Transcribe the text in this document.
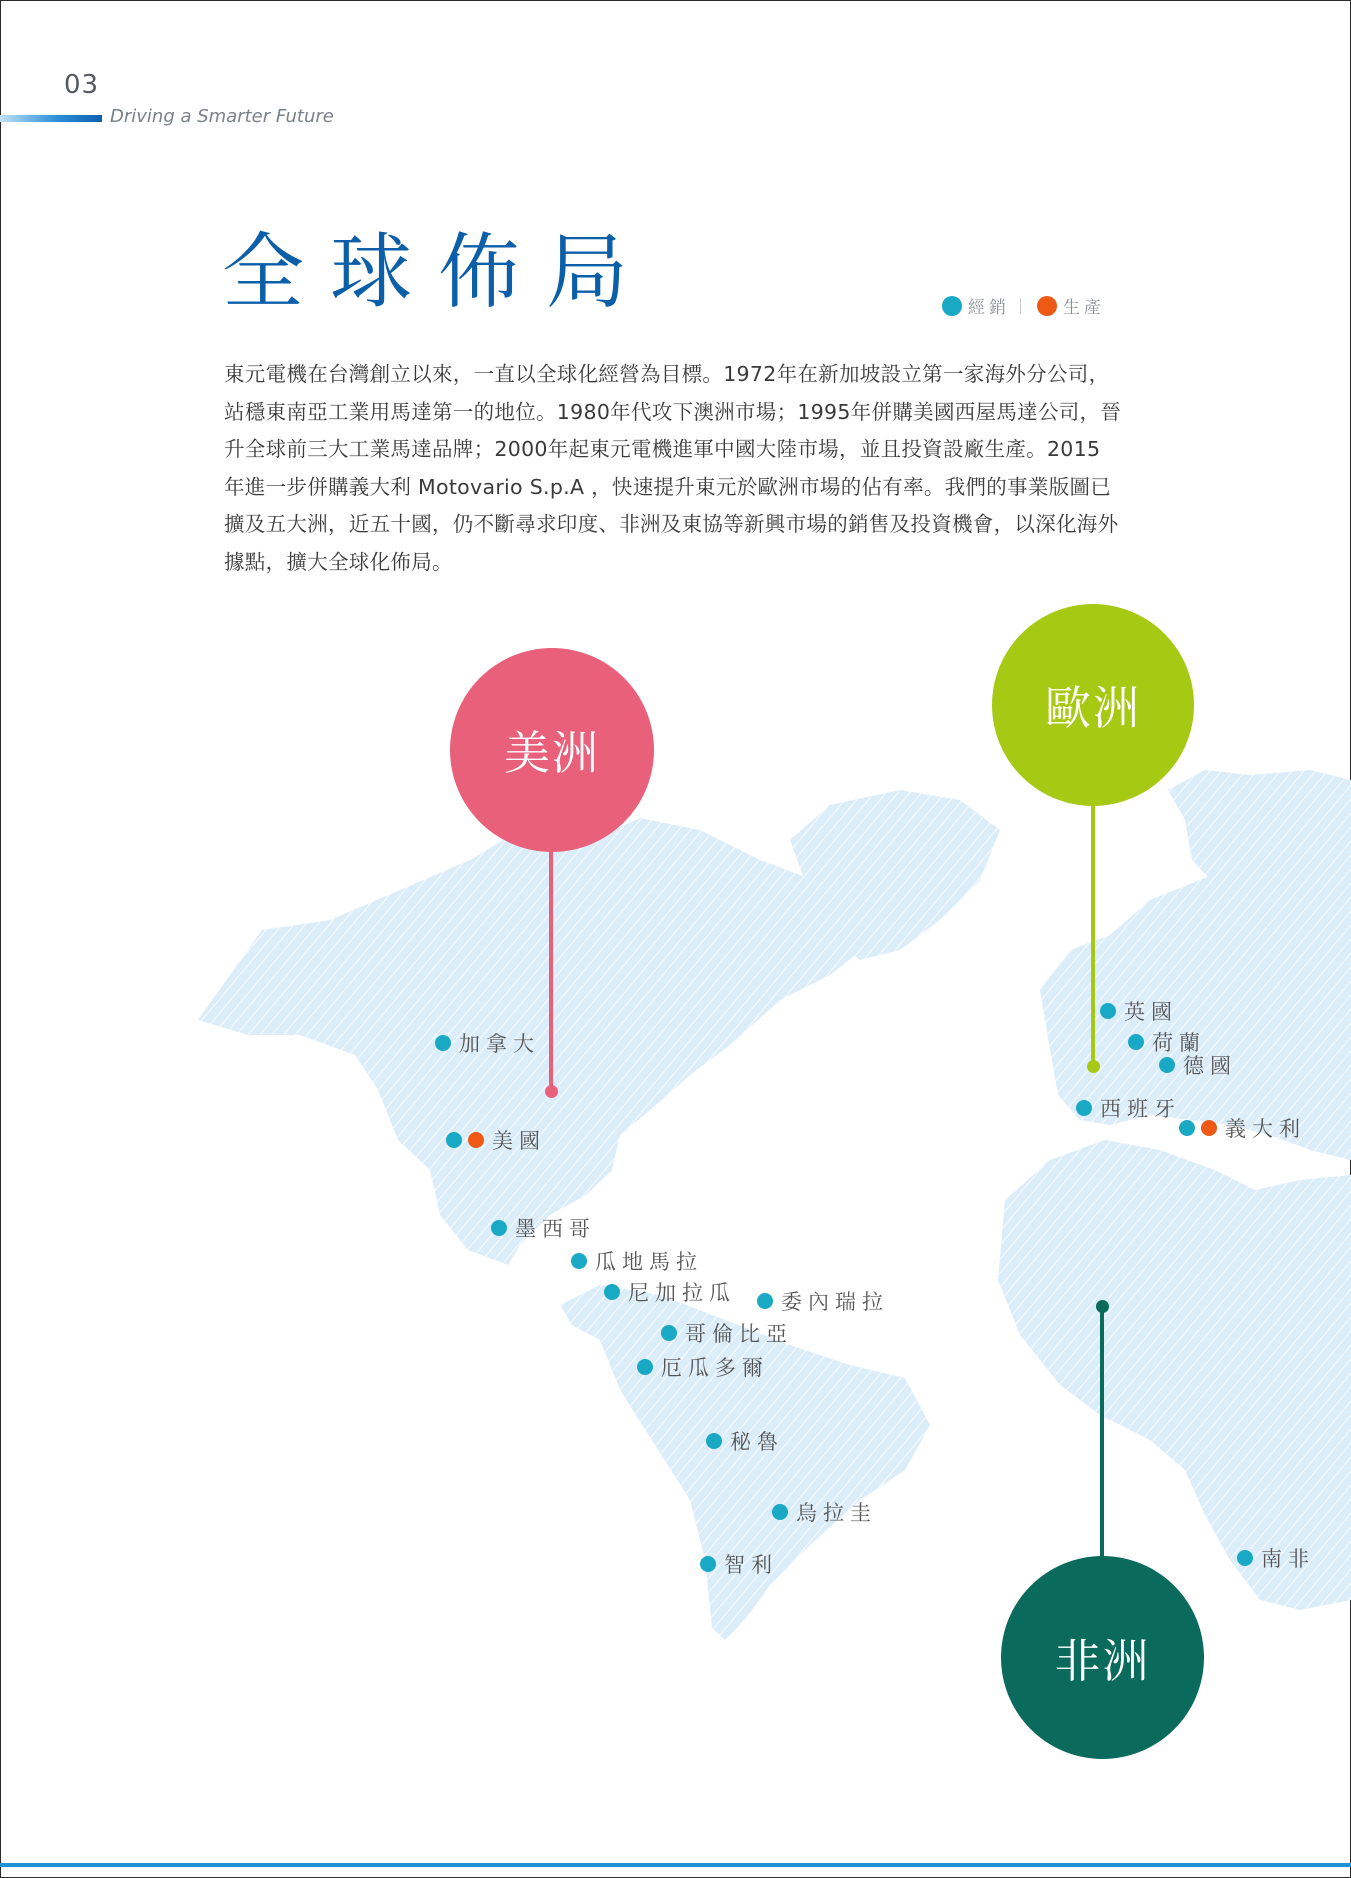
03
Driving a Smarter Future
全球佈局	經銷	生產
東元電機在台灣創立以來，一直以全球化經營為目標。1972年在新加坡設立第一家海外分公司，站穩東南亞工業用馬達第一的地位。1980年代攻下澳洲市場；1995年併購美國西屋馬達公司，晉升全球前三大工業馬達品牌；2000年起東元電機進軍中國大陸市場，並且投資設廠生產。2015 年進一步併購義大利 Motovario S.p.A ，快速提升東元於歐洲市場的佔有率。我們的事業版圖已擴及五大洲，近五十國，仍不斷尋求印度、非洲及東協等新興市場的銷售及投資機會，以深化海外據點，擴大全球化佈局。
美洲
歐洲
非洲
加拿大
美國
墨西哥
瓜地馬拉
尼加拉瓜 委內瑞拉
哥倫比亞
厄瓜多爾
秘魯
烏拉圭
智利
英國
荷蘭
德國
西班牙
義大利
南非
